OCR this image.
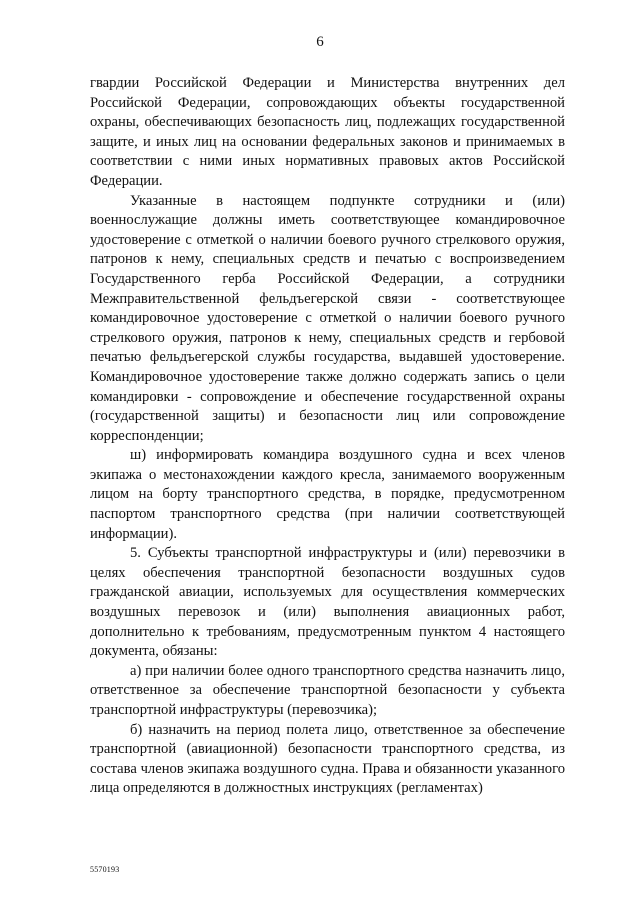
6

гвардии Российской Федерации и Министерства внутренних дел Российской Федерации, сопровождающих объекты государственной охраны, обеспечивающих безопасность лиц, подлежащих государственной защите, и иных лиц на основании федеральных законов и принимаемых в соответствии с ними иных нормативных правовых актов Российской Федерации.

Указанные в настоящем подпункте сотрудники и (или) военнослужащие должны иметь соответствующее командировочное удостоверение с отметкой о наличии боевого ручного стрелкового оружия, патронов к нему, специальных средств и печатью с воспроизведением Государственного герба Российской Федерации, а сотрудники Межправительственной фельдъегерской связи - соответствующее командировочное удостоверение с отметкой о наличии боевого ручного стрелкового оружия, патронов к нему, специальных средств и гербовой печатью фельдъегерской службы государства, выдавшей удостоверение. Командировочное удостоверение также должно содержать запись о цели командировки - сопровождение и обеспечение государственной охраны (государственной защиты) и безопасности лиц или сопровождение корреспонденции;

ш) информировать командира воздушного судна и всех членов экипажа о местонахождении каждого кресла, занимаемого вооруженным лицом на борту транспортного средства, в порядке, предусмотренном паспортом транспортного средства (при наличии соответствующей информации).

5. Субъекты транспортной инфраструктуры и (или) перевозчики в целях обеспечения транспортной безопасности воздушных судов гражданской авиации, используемых для осуществления коммерческих воздушных перевозок и (или) выполнения авиационных работ, дополнительно к требованиям, предусмотренным пунктом 4 настоящего документа, обязаны:

а) при наличии более одного транспортного средства назначить лицо, ответственное за обеспечение транспортной безопасности у субъекта транспортной инфраструктуры (перевозчика);

б) назначить на период полета лицо, ответственное за обеспечение транспортной (авиационной) безопасности транспортного средства, из состава членов экипажа воздушного судна. Права и обязанности указанного лица определяются в должностных инструкциях (регламентах)

5570193
